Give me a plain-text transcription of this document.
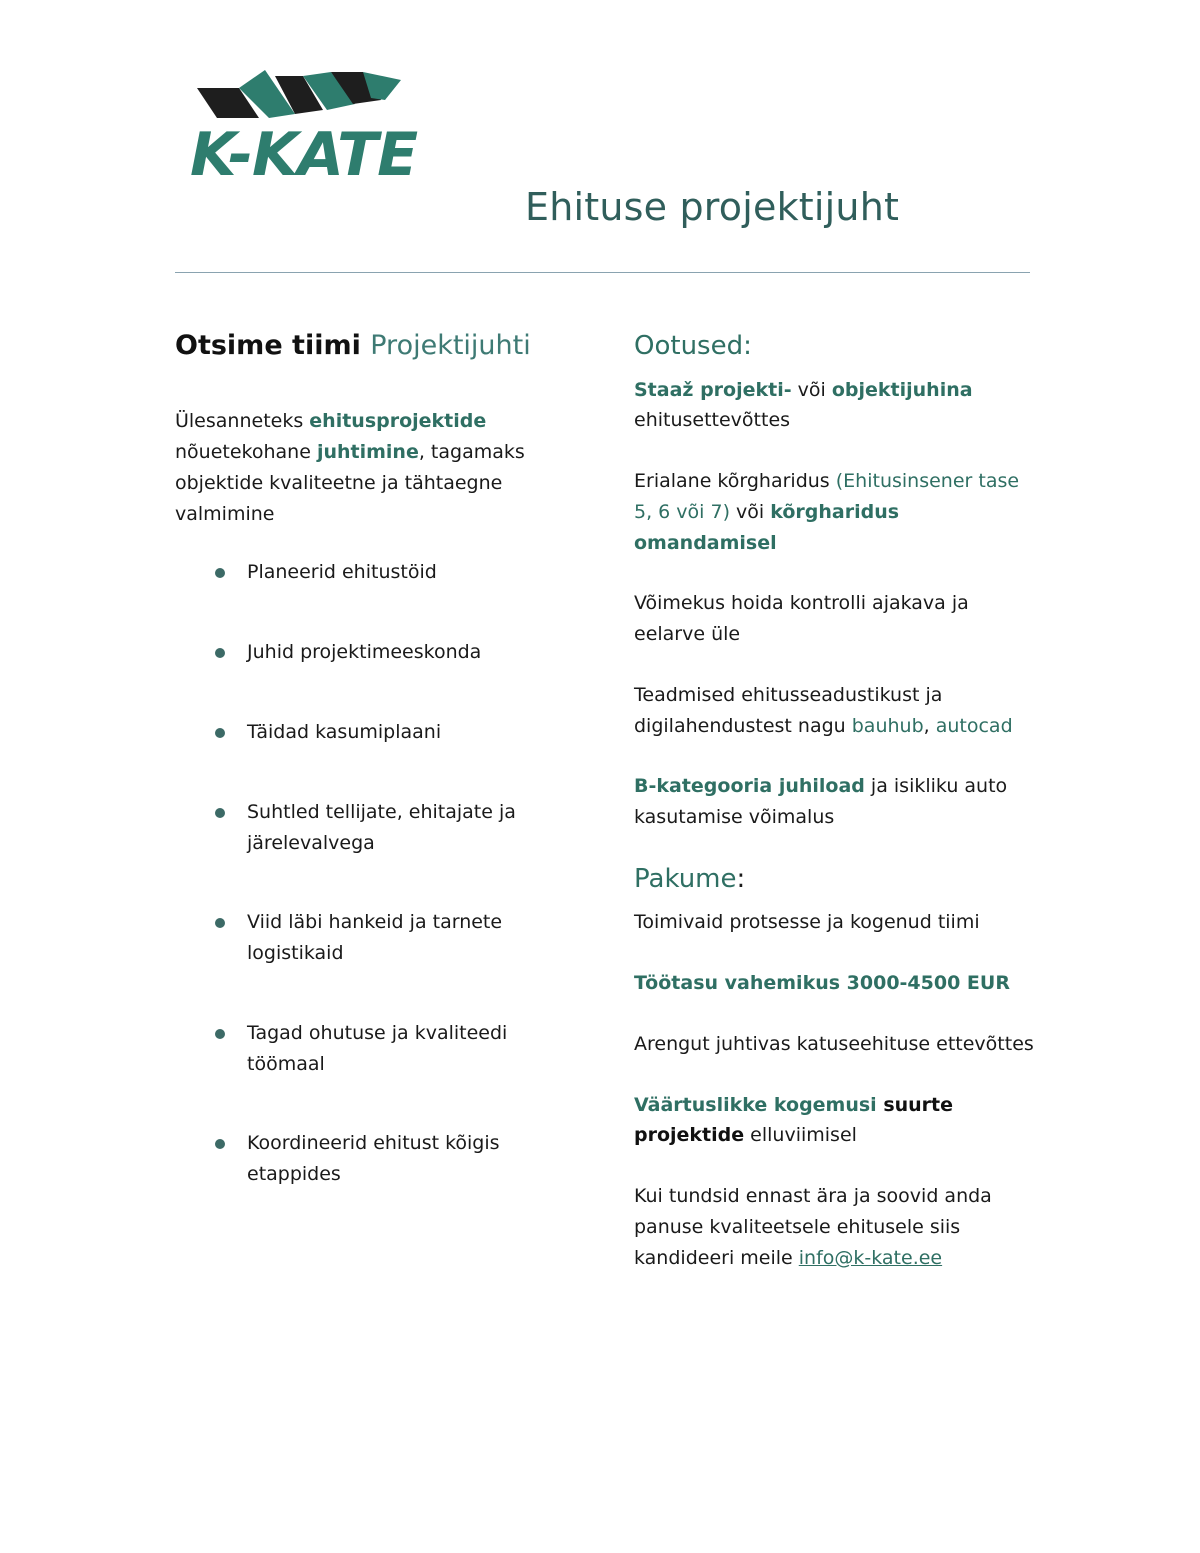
K-KATE
Ehituse projektijuht
Otsime tiimi Projektijuhti

Ülesanneteks ehitusprojektide nõuetekohane juhtimine, tagamaks objektide kvaliteetne ja tähtaegne valmimine

Planeerid ehitustöid
Juhid projektimeeskonda
Täidad kasumiplaani
Suhtled tellijate, ehitajate ja järelevalvega
Viid läbi hankeid ja tarnete logistikaid
Tagad ohutuse ja kvaliteedi töömaal
Koordineerid ehitust kõigis etappides
Ootused:

Staaž projekti- või objektijuhina ehitusettevõttes

Erialane kõrgharidus (Ehitusinsener tase 5, 6 või 7) või kõrgharidus omandamisel

Võimekus hoida kontrolli ajakava ja eelarve üle

Teadmised ehitusseadustikust ja digilahendustest nagu bauhub, autocad

B-kategooria juhiload ja isikliku auto kasutamise võimalus

Pakume:

Toimivaid protsesse ja kogenud tiimi

Töötasu vahemikus 3000-4500 EUR

Arengut juhtivas katuseehituse ettevõttes

Väärtuslikke kogemusi suurte projektide elluviimisel

Kui tundsid ennast ära ja soovid anda panuse kvaliteetsele ehitusele siis kandideeri meile info@k-kate.ee
